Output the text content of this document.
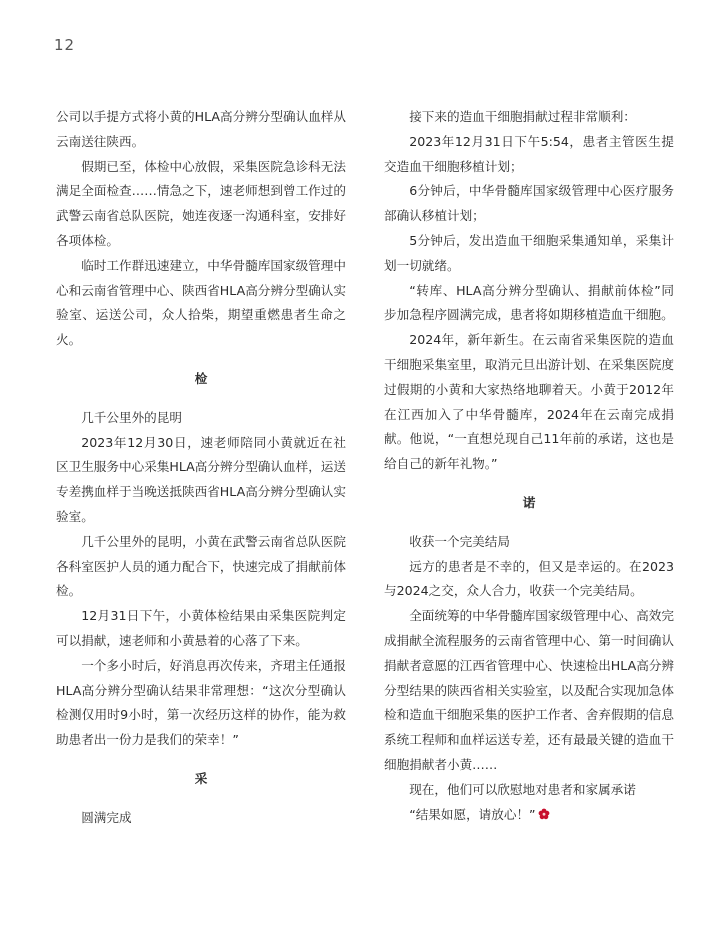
12

公司以手提方式将小黄的HLA高分辨分型确认血样从云南送往陕西。

假期已至，体检中心放假，采集医院急诊科无法满足全面检查……情急之下，速老师想到曾工作过的武警云南省总队医院，她连夜逐一沟通科室，安排好各项体检。

临时工作群迅速建立，中华骨髓库国家级管理中心和云南省管理中心、陕西省HLA高分辨分型确认实验室、运送公司，众人拾柴，期望重燃患者生命之火。

检

几千公里外的昆明

2023年12月30日，速老师陪同小黄就近在社区卫生服务中心采集HLA高分辨分型确认血样，运送专差携血样于当晚送抵陕西省HLA高分辨分型确认实验室。

几千公里外的昆明，小黄在武警云南省总队医院各科室医护人员的通力配合下，快速完成了捐献前体检。

12月31日下午，小黄体检结果由采集医院判定可以捐献，速老师和小黄悬着的心落了下来。

一个多小时后，好消息再次传来，齐珺主任通报HLA高分辨分型确认结果非常理想：“这次分型确认检测仅用时9小时，第一次经历这样的协作，能为救助患者出一份力是我们的荣幸！”

采

圆满完成

接下来的造血干细胞捐献过程非常顺利：

2023年12月31日下午5:54，患者主管医生提交造血干细胞移植计划；

6分钟后，中华骨髓库国家级管理中心医疗服务部确认移植计划；

5分钟后，发出造血干细胞采集通知单，采集计划一切就绪。

“转库、HLA高分辨分型确认、捐献前体检”同步加急程序圆满完成，患者将如期移植造血干细胞。

2024年，新年新生。在云南省采集医院的造血干细胞采集室里，取消元旦出游计划、在采集医院度过假期的小黄和大家热络地聊着天。小黄于2012年在江西加入了中华骨髓库，2024年在云南完成捐献。他说，“一直想兑现自己11年前的承诺，这也是给自己的新年礼物。”

诺

收获一个完美结局

远方的患者是不幸的，但又是幸运的。在2023与2024之交，众人合力，收获一个完美结局。

全面统筹的中华骨髓库国家级管理中心、高效完成捐献全流程服务的云南省管理中心、第一时间确认捐献者意愿的江西省管理中心、快速检出HLA高分辨分型结果的陕西省相关实验室，以及配合实现加急体检和造血干细胞采集的医护工作者、舍弃假期的信息系统工程师和血样运送专差，还有最最关键的造血干细胞捐献者小黄……

现在，他们可以欣慰地对患者和家属承诺

“结果如愿，请放心！”
